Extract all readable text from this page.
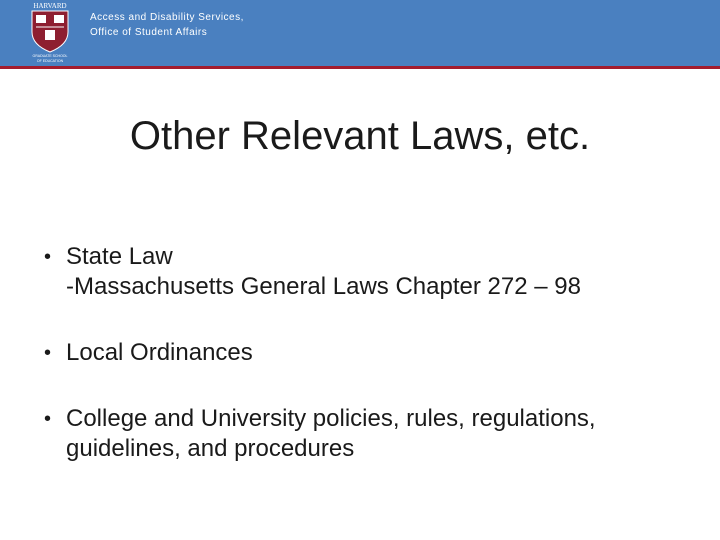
HARVARD
GRADUATE SCHOOL
OF EDUCATION
Access and Disability Services,
Office of Student Affairs
Other Relevant Laws, etc.
• State Law
-Massachusetts General Laws Chapter 272 – 98
• Local Ordinances
• College and University policies, rules, regulations, guidelines, and procedures
